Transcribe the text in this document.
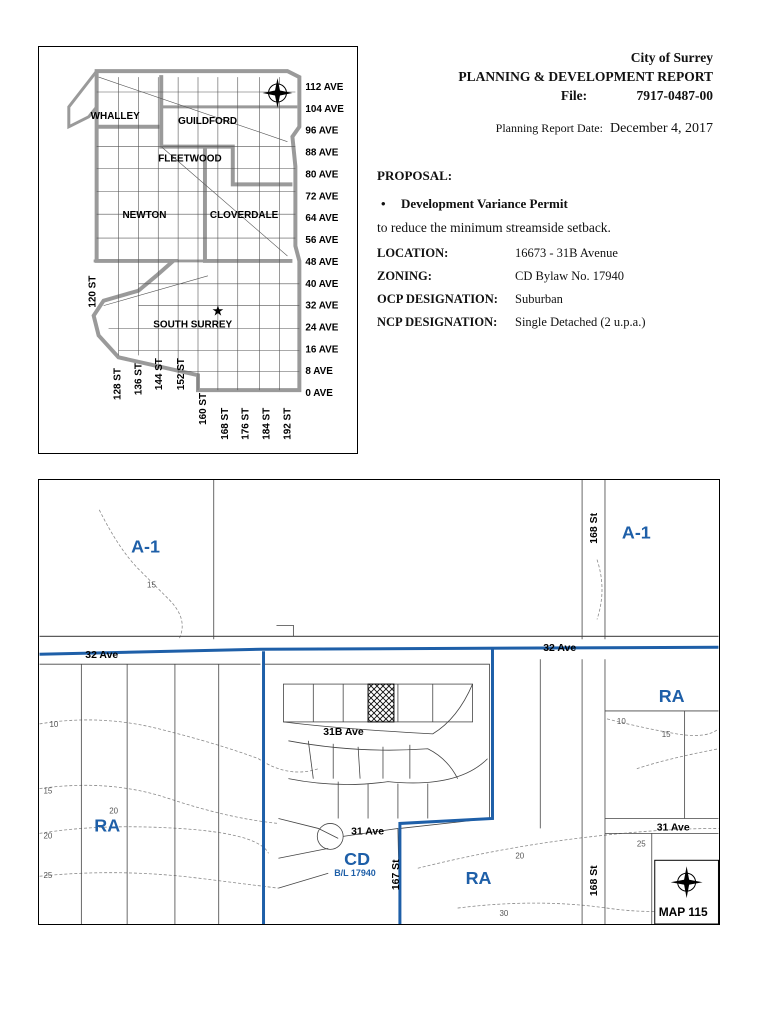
★
WHALLEY	GUILDFORD
FLEETWOOD
NEWTON	CLOVERDALE
SOUTH SURREY
112 AVE
104 AVE
96 AVE
88 AVE
80 AVE
72 AVE
64 AVE
56 AVE
48 AVE
40 AVE
32 AVE
24 AVE
16 AVE
8 AVE
0 AVE
120 ST
128 ST 136 ST 144 ST 152 ST
160 ST 168 ST 176 ST 184 ST 192 ST
City of Surrey
PLANNING & DEVELOPMENT REPORT
File:	7917-0487-00
Planning Report Date: December 4, 2017
PROPOSAL:
•	Development Variance Permit
to reduce the minimum streamside setback.
LOCATION:	16673 - 31B Avenue
ZONING:	CD Bylaw No. 17940
OCP DESIGNATION:	Suburban
NCP DESIGNATION:	Single Detached (2 u.p.a.)
15
10
15
20
20
25
20
30
10
15
25
32 Ave
32 Ave
31B Ave
31 Ave	31 Ave
168 St
168 St
167 St
A-1
A-1
RA
RA
RA
CD
B/L 17940
MAP 115
